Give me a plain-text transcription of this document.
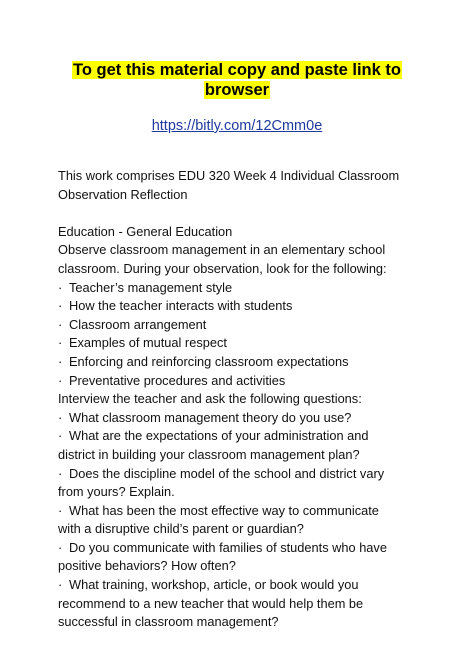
To get this material copy and paste link to
browser
https://bitly.com/12Cmm0e

This work comprises EDU 320 Week 4 Individual Classroom

Observation Reflection

Education - General Education

Observe classroom management in an elementary school

classroom. During your observation, look for the following:

· Teacher’s management style

· How the teacher interacts with students

· Classroom arrangement

· Examples of mutual respect

· Enforcing and reinforcing classroom expectations

· Preventative procedures and activities

Interview the teacher and ask the following questions:

· What classroom management theory do you use?

· What are the expectations of your administration and

district in building your classroom management plan?

· Does the discipline model of the school and district vary

from yours? Explain.

· What has been the most effective way to communicate

with a disruptive child’s parent or guardian?

· Do you communicate with families of students who have

positive behaviors? How often?

· What training, workshop, article, or book would you

recommend to a new teacher that would help them be

successful in classroom management?
